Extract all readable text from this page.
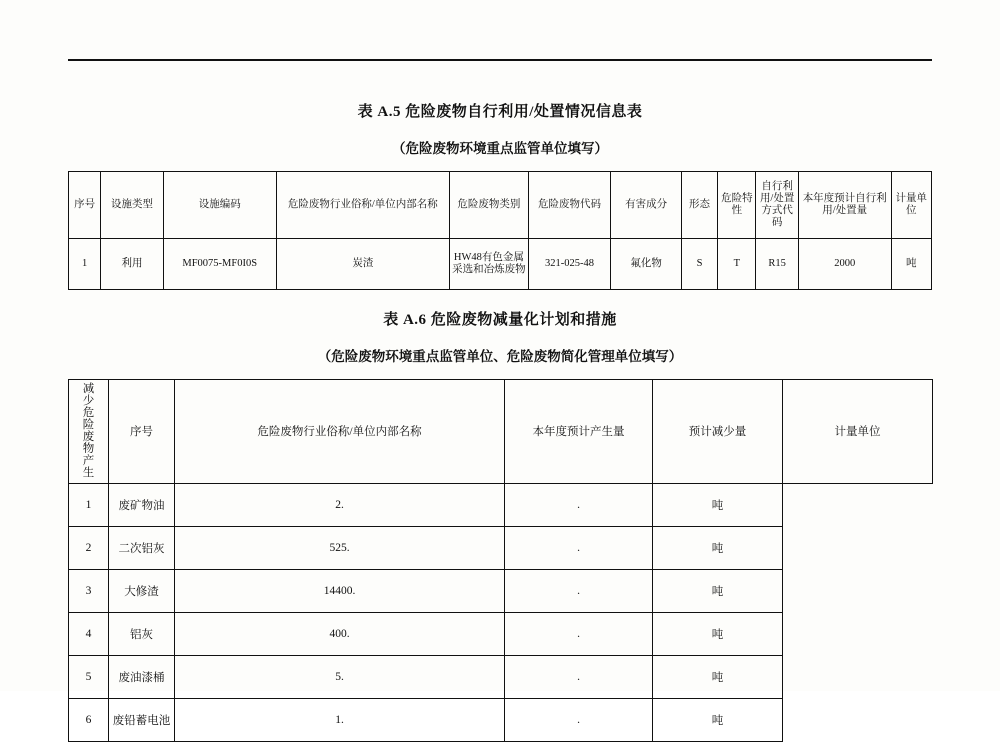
表 A.5 危险废物自行利用/处置情况信息表
（危险废物环境重点监管单位填写）
序号	设施类型	设施编码	危险废物行业俗称/单位内部名称	危险废物类别	危险废物代码	有害成分	形态	危险特性	自行利用/处置方式代码	本年度预计自行利用/处置量	计量单位
1	利用	MF0075-MF0I0S	炭渣	HW48有色金属采选和冶炼废物	321-025-48	氟化物	S	T	R15	2000	吨
表 A.6 危险废物减量化计划和措施
（危险废物环境重点监管单位、危险废物简化管理单位填写）
减少危险废物产生	序号	危险废物行业俗称/单位内部名称	本年度预计产生量	预计减少量	计量单位
1	废矿物油	2.	.	吨	
2	二次铝灰	525.	.	吨	
3	大修渣	14400.	.	吨	
4	铝灰	400.	.	吨	
5	废油漆桶	5.	.	吨	
6	废铅蓄电池	1.	.	吨	
